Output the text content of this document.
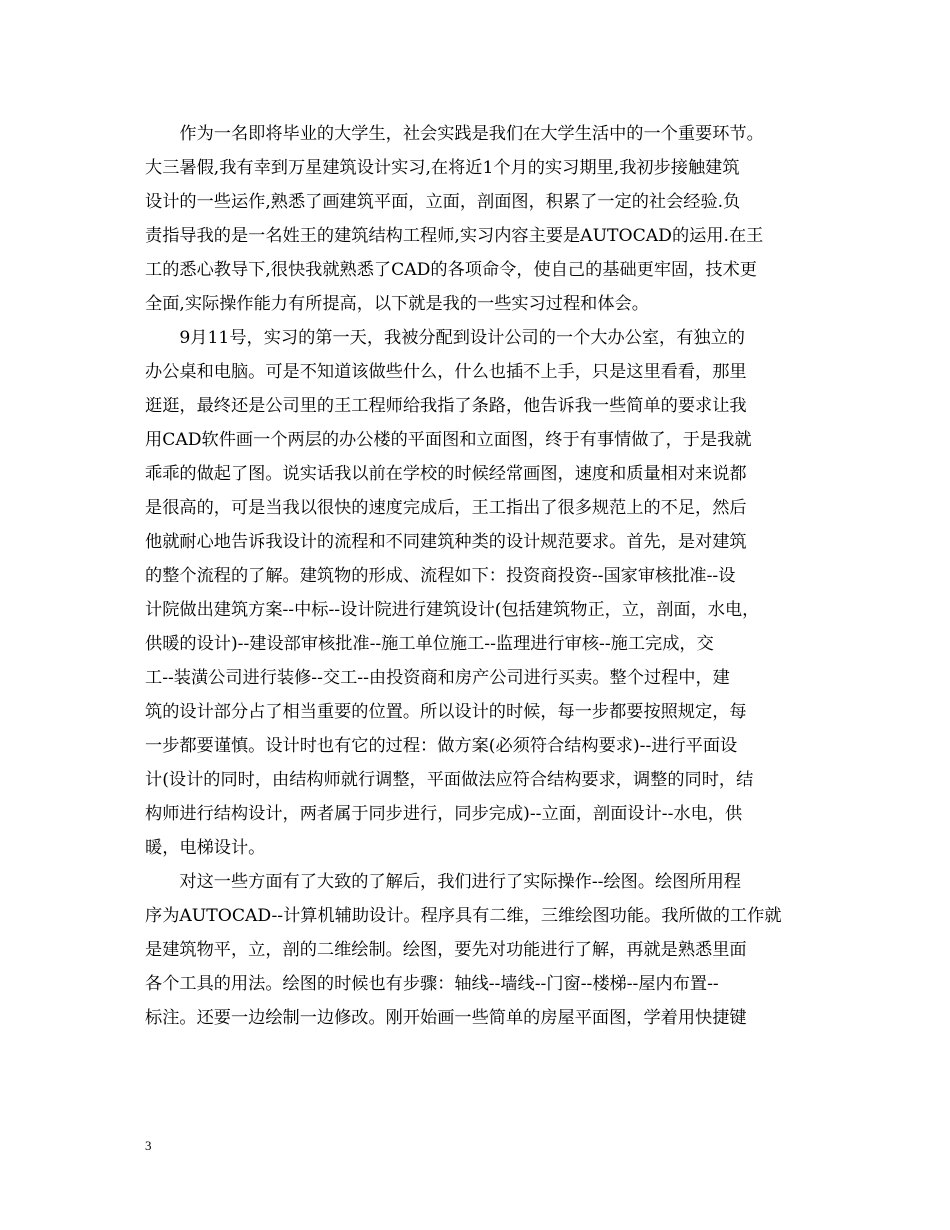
　　作为一名即将毕业的大学生，社会实践是我们在大学生活中的一个重要环节。
大三暑假,我有幸到万星建筑设计实习,在将近1个月的实习期里,我初步接触建筑
设计的一些运作,熟悉了画建筑平面，立面，剖面图，积累了一定的社会经验.负
责指导我的是一名姓王的建筑结构工程师,实习内容主要是AUTOCAD的运用.在王
工的悉心教导下,很快我就熟悉了CAD的各项命令，使自己的基础更牢固，技术更
全面,实际操作能力有所提高，以下就是我的一些实习过程和体会。
　　9月11号，实习的第一天，我被分配到设计公司的一个大办公室，有独立的
办公桌和电脑。可是不知道该做些什么，什么也插不上手，只是这里看看，那里
逛逛，最终还是公司里的王工程师给我指了条路，他告诉我一些简单的要求让我
用CAD软件画一个两层的办公楼的平面图和立面图，终于有事情做了，于是我就
乖乖的做起了图。说实话我以前在学校的时候经常画图，速度和质量相对来说都
是很高的，可是当我以很快的速度完成后，王工指出了很多规范上的不足，然后
他就耐心地告诉我设计的流程和不同建筑种类的设计规范要求。首先，是对建筑
的整个流程的了解。建筑物的形成、流程如下：投资商投资--国家审核批准--设
计院做出建筑方案--中标--设计院进行建筑设计(包括建筑物正，立，剖面，水电，
供暖的设计)--建设部审核批准--施工单位施工--监理进行审核--施工完成，交
工--装潢公司进行装修--交工--由投资商和房产公司进行买卖。整个过程中，建
筑的设计部分占了相当重要的位置。所以设计的时候，每一步都要按照规定，每
一步都要谨慎。设计时也有它的过程：做方案(必须符合结构要求)--进行平面设
计(设计的同时，由结构师就行调整，平面做法应符合结构要求，调整的同时，结
构师进行结构设计，两者属于同步进行，同步完成)--立面，剖面设计--水电，供
暖，电梯设计。
　　对这一些方面有了大致的了解后，我们进行了实际操作--绘图。绘图所用程
序为AUTOCAD--计算机辅助设计。程序具有二维，三维绘图功能。我所做的工作就
是建筑物平，立，剖的二维绘制。绘图，要先对功能进行了解，再就是熟悉里面
各个工具的用法。绘图的时候也有步骤：轴线--墙线--门窗--楼梯--屋内布置--
标注。还要一边绘制一边修改。刚开始画一些简单的房屋平面图，学着用快捷键
3
